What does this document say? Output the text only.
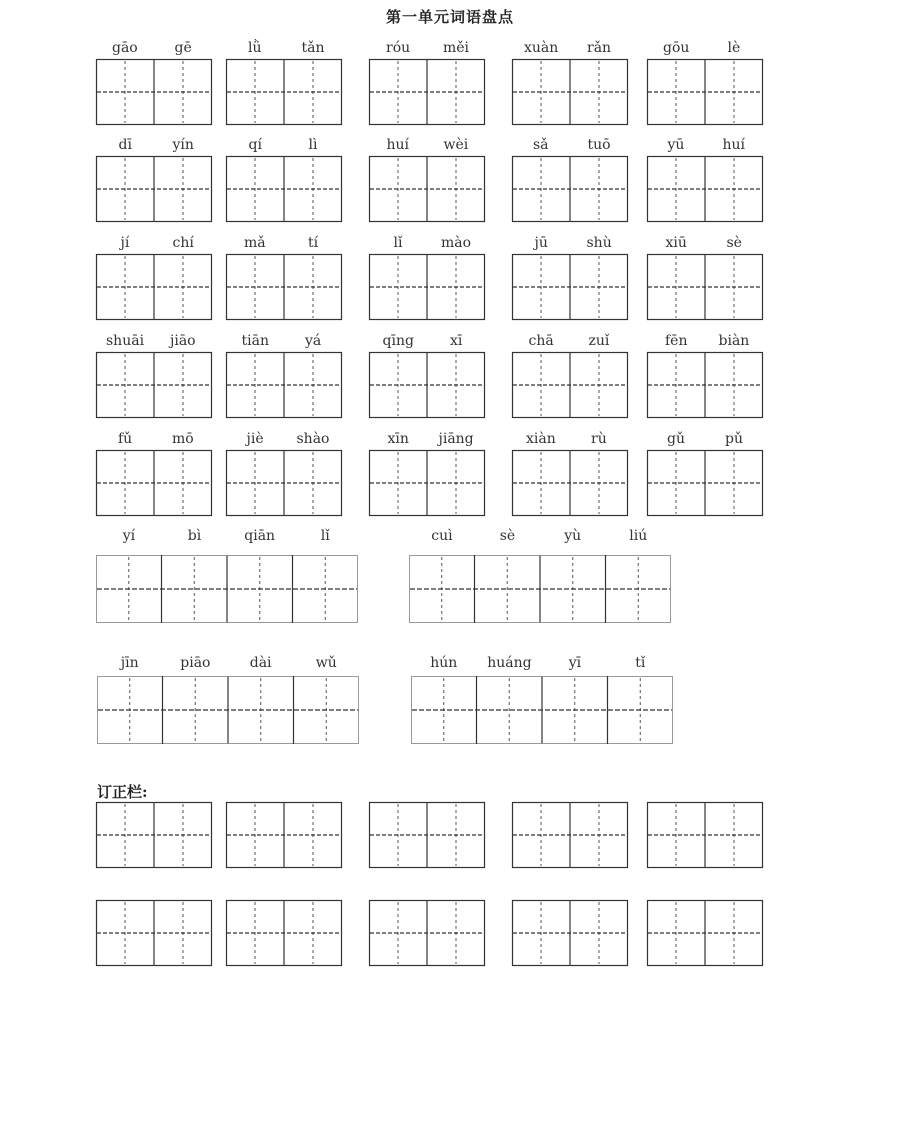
第一单元词语盘点
gāo	gē	lǜ	tǎn	róu měi	xuàn rǎn	gōu	lè
dī	yín	qí	lì	huí wèi	sǎ	tuō	yū	huí
jí	chí	mǎ	tí	lǐ	mào	jū	shù	xiū	sè
shuāi jiāo	tiān	yá	qīng	xī	chā zuǐ	fēn biàn
fǔ	mō	jiè shào	xīn jiāng	xiàn	rù	gǔ	pǔ
yí	bì	qiān	lǐ	cuì	sè	yù	liú
jīn	piāo	dài	wǔ	hún huáng	yī	tǐ
订正栏:
